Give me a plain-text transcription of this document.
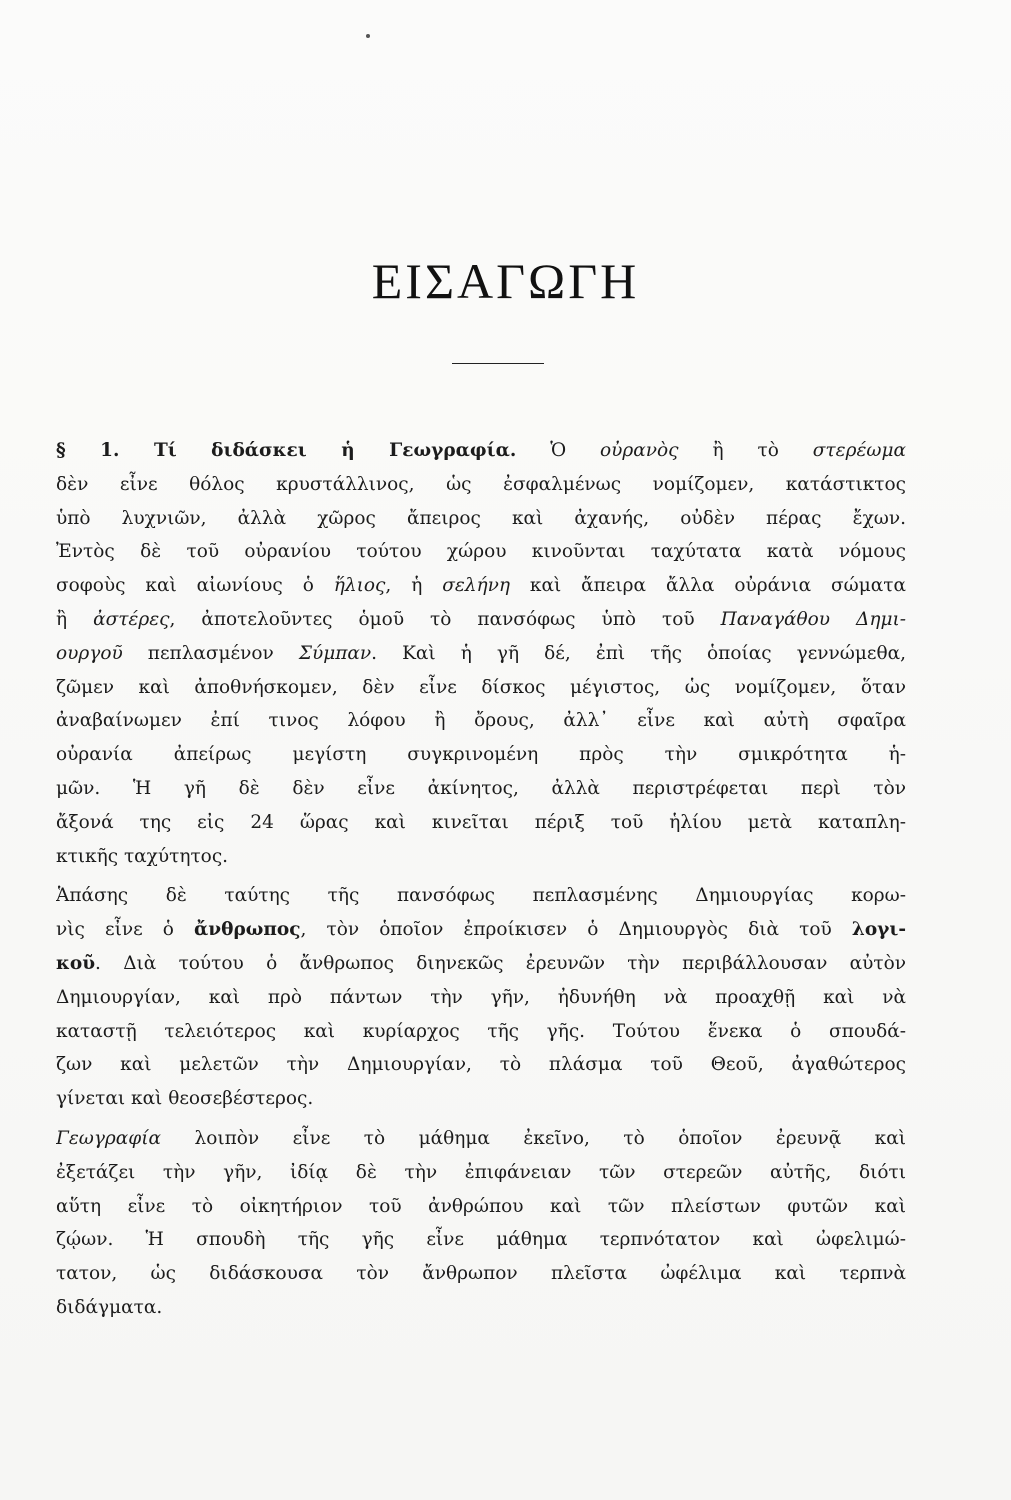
ΕΙΣΑΓΩΓΗ

§ 1. Τί διδάσκει ἡ Γεωγραφία. Ὁ οὐρανὸς ἢ τὸ στερέωμα
δὲν εἶνε θόλος κρυστάλλινος, ὡς ἐσφαλμένως νομίζομεν, κατάστικτος
ὑπὸ λυχνιῶν, ἀλλὰ χῶρος ἄπειρος καὶ ἀχανής, οὐδὲν πέρας ἔχων.
Ἐντὸς δὲ τοῦ οὐρανίου τούτου χώρου κινοῦνται ταχύτατα κατὰ νόμους
σοφοὺς καὶ αἰωνίους ὁ ἥλιος, ἡ σελήνη καὶ ἄπειρα ἄλλα οὐράνια σώματα
ἢ ἀστέρες, ἀποτελοῦντες ὁμοῦ τὸ πανσόφως ὑπὸ τοῦ Παναγάθου Δημι-
ουργοῦ πεπλασμένον Σύμπαν. Καὶ ἡ γῆ δέ, ἐπὶ τῆς ὁποίας γεννώμεθα,
ζῶμεν καὶ ἀποθνήσκομεν, δὲν εἶνε δίσκος μέγιστος, ὡς νομίζομεν, ὅταν
ἀναβαίνωμεν ἐπί τινος λόφου ἢ ὄρους, ἀλλ᾿ εἶνε καὶ αὐτὴ σφαῖρα
οὐρανία ἀπείρως μεγίστη συγκρινομένη πρὸς τὴν σμικρότητα ἡ-
μῶν. Ἡ γῆ δὲ δὲν εἶνε ἀκίνητος, ἀλλὰ περιστρέφεται περὶ τὸν
ἄξονά της εἰς 24 ὥρας καὶ κινεῖται πέριξ τοῦ ἡλίου μετὰ καταπλη-
κτικῆς ταχύτητος.

Ἁπάσης δὲ ταύτης τῆς πανσόφως πεπλασμένης Δημιουργίας κορω-
νὶς εἶνε ὁ ἄνθρωπος, τὸν ὁποῖον ἐπροίκισεν ὁ Δημιουργὸς διὰ τοῦ λογι-
κοῦ. Διὰ τούτου ὁ ἄνθρωπος διηνεκῶς ἐρευνῶν τὴν περιβάλλουσαν αὐτὸν
Δημιουργίαν, καὶ πρὸ πάντων τὴν γῆν, ἠδυνήθη νὰ προαχθῇ καὶ νὰ
καταστῇ τελειότερος καὶ κυρίαρχος τῆς γῆς. Τούτου ἕνεκα ὁ σπουδά-
ζων καὶ μελετῶν τὴν Δημιουργίαν, τὸ πλάσμα τοῦ Θεοῦ, ἀγαθώτερος
γίνεται καὶ θεοσεβέστερος.

Γεωγραφία λοιπὸν εἶνε τὸ μάθημα ἐκεῖνο, τὸ ὁποῖον ἐρευνᾷ καὶ
ἐξετάζει τὴν γῆν, ἰδίᾳ δὲ τὴν ἐπιφάνειαν τῶν στερεῶν αὐτῆς, διότι
αὕτη εἶνε τὸ οἰκητήριον τοῦ ἀνθρώπου καὶ τῶν πλείστων φυτῶν καὶ
ζῴων. Ἡ σπουδὴ τῆς γῆς εἶνε μάθημα τερπνότατον καὶ ὠφελιμώ-
τατον, ὡς διδάσκουσα τὸν ἄνθρωπον πλεῖστα ὠφέλιμα καὶ τερπνὰ
διδάγματα.
